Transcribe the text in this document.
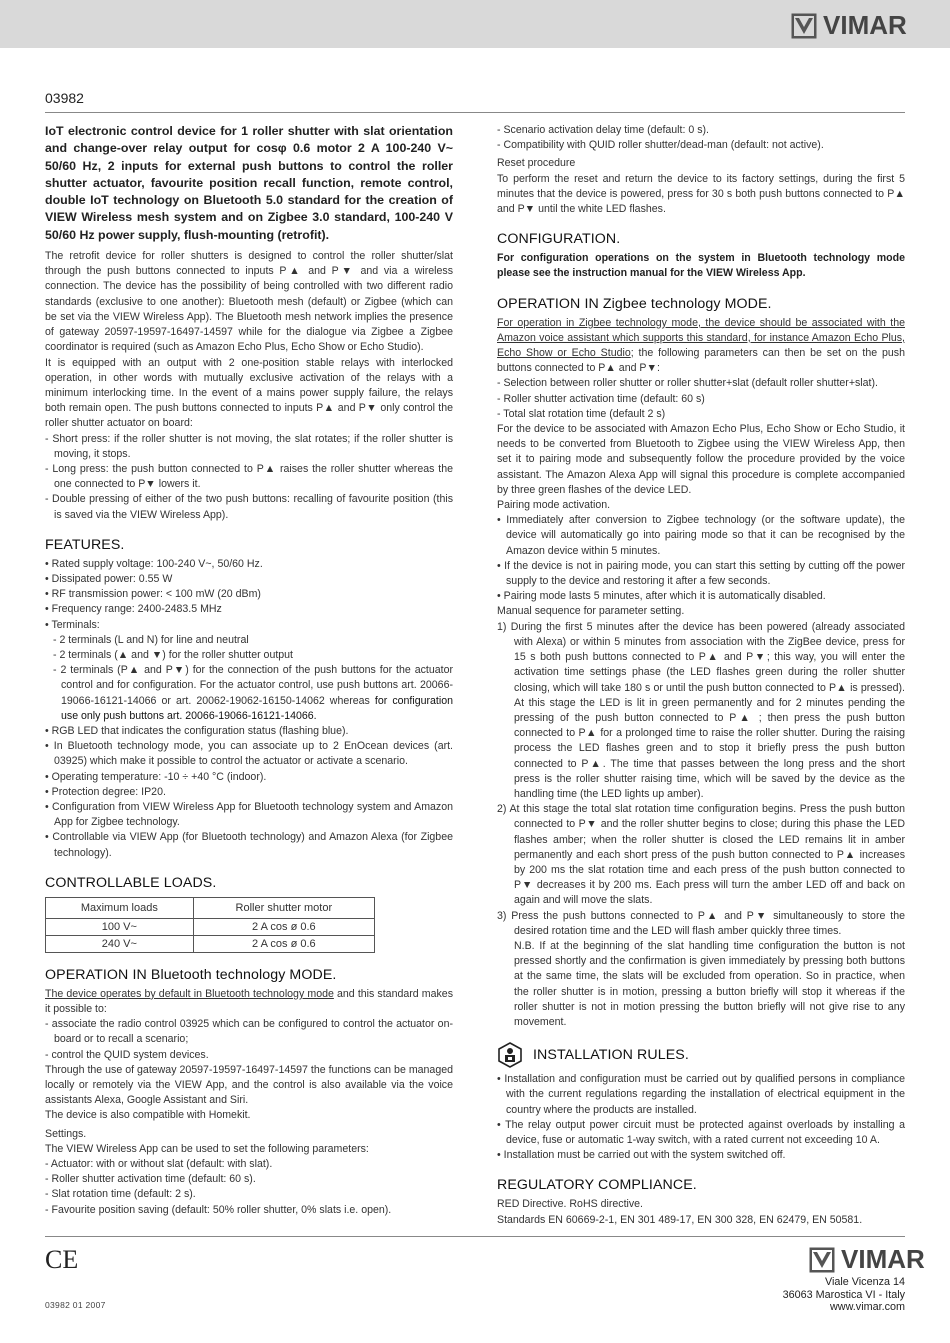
VIMAR
03982

IoT electronic control device for 1 roller shutter with slat orientation and change-over relay output for cosφ 0.6 motor 2 A 100-240 V~ 50/60 Hz, 2 inputs for external push buttons to control the roller shutter actuator, favourite position recall function, remote control, double IoT technology on Bluetooth 5.0 standard for the creation of VIEW Wireless mesh system and on Zigbee 3.0 standard, 100-240 V 50/60 Hz power supply, flush-mounting (retrofit).

The retrofit device for roller shutters is designed to control the roller shutter/slat through the push buttons connected to inputs P▲ and P▼ and via a wireless connection. The device has the possibility of being controlled with two different radio standards (exclusive to one another): Bluetooth mesh (default) or Zigbee (which can be set via the VIEW Wireless App). The Bluetooth mesh network implies the presence of gateway 20597-19597-16497-14597 while for the dialogue via Zigbee a Zigbee coordinator is required (such as Amazon Echo Plus, Echo Show or Echo Studio).

It is equipped with an output with 2 one-position stable relays with interlocked operation, in other words with mutually exclusive activation of the relays with a minimum interlocking time. In the event of a mains power supply failure, the relays both remain open. The push buttons connected to inputs P▲ and P▼ only control the roller shutter actuator on board:

- Short press: if the roller shutter is not moving, the slat rotates; if the roller shutter is moving, it stops.

- Long press: the push button connected to P▲ raises the roller shutter whereas the one connected to P▼ lowers it.

- Double pressing of either of the two push buttons: recalling of favourite position (this is saved via the VIEW Wireless App).

FEATURES.

• Rated supply voltage: 100-240 V~, 50/60 Hz.

• Dissipated power: 0.55 W

• RF transmission power: < 100 mW (20 dBm)

• Frequency range: 2400-2483.5 MHz

• Terminals:

- 2 terminals (L and N) for line and neutral

- 2 terminals (▲ and ▼) for the roller shutter output

- 2 terminals (P▲ and P▼) for the connection of the push buttons for the actuator control and for configuration. For the actuator control, use push buttons art. 20066-19066-16121-14066 or art. 20062-19062-16150-14062 whereas for configuration use only push buttons art. 20066-19066-16121-14066.

• RGB LED that indicates the configuration status (flashing blue).

• In Bluetooth technology mode, you can associate up to 2 EnOcean devices (art. 03925) which make it possible to control the actuator or activate a scenario.

• Operating temperature: -10 ÷ +40 °C (indoor).

• Protection degree: IP20.

• Configuration from VIEW Wireless App for Bluetooth technology system and Amazon App for Zigbee technology.

• Controllable via VIEW App (for Bluetooth technology) and Amazon Alexa (for Zigbee technology).

CONTROLLABLE LOADS.
Maximum loads	Roller shutter motor
100 V~	2 A cos ø 0.6
240 V~	2 A cos ø 0.6
OPERATION IN Bluetooth technology MODE.

The device operates by default in Bluetooth technology mode and this standard makes it possible to:

- associate the radio control 03925 which can be configured to control the actuator on-board or to recall a scenario;

- control the QUID system devices.

Through the use of gateway 20597-19597-16497-14597 the functions can be managed locally or remotely via the VIEW App, and the control is also available via the voice assistants Alexa, Google Assistant and Siri.

The device is also compatible with Homekit.

Settings.

The VIEW Wireless App can be used to set the following parameters:

- Actuator: with or without slat (default: with slat).

- Roller shutter activation time (default: 60 s).

- Slat rotation time (default: 2 s).

- Favourite position saving (default: 50% roller shutter, 0% slats i.e. open).

- Scenario activation delay time (default: 0 s).

- Compatibility with QUID roller shutter/dead-man (default: not active).

Reset procedure

To perform the reset and return the device to its factory settings, during the first 5 minutes that the device is powered, press for 30 s both push buttons connected to P▲ and P▼ until the white LED flashes.

CONFIGURATION.

For configuration operations on the system in Bluetooth technology mode please see the instruction manual for the VIEW Wireless App.

OPERATION IN Zigbee technology MODE.

For operation in Zigbee technology mode, the device should be associated with the Amazon voice assistant which supports this standard, for instance Amazon Echo Plus, Echo Show or Echo Studio; the following parameters can then be set on the push buttons connected to P▲ and P▼:

- Selection between roller shutter or roller shutter+slat (default roller shutter+slat).

- Roller shutter activation time (default: 60 s)

- Total slat rotation time (default 2 s)

For the device to be associated with Amazon Echo Plus, Echo Show or Echo Studio, it needs to be converted from Bluetooth to Zigbee using the VIEW Wireless App, then set it to pairing mode and subsequently follow the procedure provided by the voice assistant. The Amazon Alexa App will signal this procedure is complete accompanied by three green flashes of the device LED.

Pairing mode activation.

• Immediately after conversion to Zigbee technology (or the software update), the device will automatically go into pairing mode so that it can be recognised by the Amazon device within 5 minutes.

• If the device is not in pairing mode, you can start this setting by cutting off the power supply to the device and restoring it after a few seconds.

• Pairing mode lasts 5 minutes, after which it is automatically disabled.

Manual sequence for parameter setting.

1) During the first 5 minutes after the device has been powered (already associated with Alexa) or within 5 minutes from association with the ZigBee device, press for 15 s both push buttons connected to P▲ and P▼; this way, you will enter the activation time settings phase (the LED flashes green during the roller shutter closing, which will take 180 s or until the push button connected to P▲ is pressed). At this stage the LED is lit in green permanently and for 2 minutes pending the pressing of the push button connected to P▲ ; then press the push button connected to P▲ for a prolonged time to raise the roller shutter. During the raising process the LED flashes green and to stop it briefly press the push button connected to P▲. The time that passes between the long press and the short press is the roller shutter raising time, which will be saved by the device as the handling time (the LED lights up amber).

2) At this stage the total slat rotation time configuration begins. Press the push button connected to P▼ and the roller shutter begins to close; during this phase the LED flashes amber; when the roller shutter is closed the LED remains lit in amber permanently and each short press of the push button connected to P▲ increases by 200 ms the slat rotation time and each press of the push button connected to P▼ decreases it by 200 ms. Each press will turn the amber LED off and back on again and will move the slats.

3) Press the push buttons connected to P▲ and P▼ simultaneously to store the desired rotation time and the LED will flash amber quickly three times.

N.B. If at the beginning of the slat handling time configuration the button is not pressed shortly and the confirmation is given immediately by pressing both buttons at the same time, the slats will be excluded from operation. So in practice, when the roller shutter is in motion, pressing a button briefly will stop it whereas if the roller shutter is not in motion pressing the button briefly will not give rise to any movement.

INSTALLATION RULES.

• Installation and configuration must be carried out by qualified persons in compliance with the current regulations regarding the installation of electrical equipment in the country where the products are installed.

• The relay output power circuit must be protected against overloads by installing a device, fuse or automatic 1-way switch, with a rated current not exceeding 10 A.

• Installation must be carried out with the system switched off.

REGULATORY COMPLIANCE.

RED Directive. RoHS directive.

Standards EN 60669-2-1, EN 301 489-17, EN 300 328, EN 62479, EN 50581.

CE
03982 01 2007
VIMAR
Viale Vicenza 14
36063 Marostica VI - Italy
www.vimar.com
